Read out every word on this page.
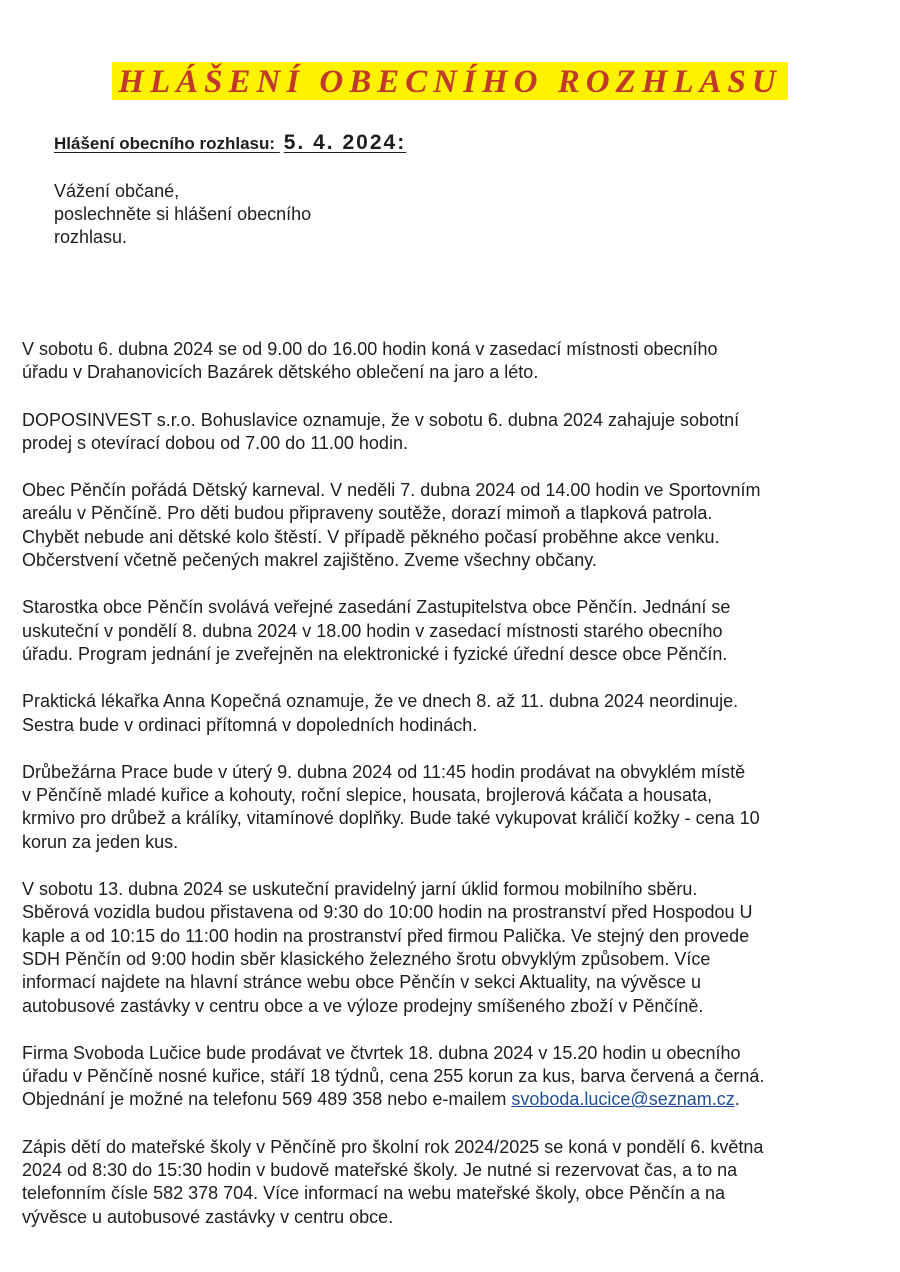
HLÁŠENÍ OBECNÍHO ROZHLASU
Hlášení obecního rozhlasu: 5. 4. 2024:
Vážení občané,
poslechněte si hlášení obecního
rozhlasu.

V sobotu 6. dubna 2024 se od 9.00 do 16.00 hodin koná v zasedací místnosti obecního
úřadu v Drahanovicích Bazárek dětského oblečení na jaro a léto.

DOPOSINVEST s.r.o. Bohuslavice oznamuje, že v sobotu 6. dubna 2024 zahajuje sobotní
prodej s otevírací dobou od 7.00 do 11.00 hodin.

Obec Pěnčín pořádá Dětský karneval. V neděli 7. dubna 2024 od 14.00 hodin ve Sportovním
areálu v Pěnčíně. Pro děti budou připraveny soutěže, dorazí mimoň a tlapková patrola.
Chybět nebude ani dětské kolo štěstí. V případě pěkného počasí proběhne akce venku.
Občerstvení včetně pečených makrel zajištěno. Zveme všechny občany.

Starostka obce Pěnčín svolává veřejné zasedání Zastupitelstva obce Pěnčín. Jednání se
uskuteční v pondělí 8. dubna 2024 v 18.00 hodin v zasedací místnosti starého obecního
úřadu. Program jednání je zveřejněn na elektronické i fyzické úřední desce obce Pěnčín.

Praktická lékařka Anna Kopečná oznamuje, že ve dnech 8. až 11. dubna 2024 neordinuje.
Sestra bude v ordinaci přítomná v dopoledních hodinách.

Drůbežárna Prace bude v úterý 9. dubna 2024 od 11:45 hodin prodávat na obvyklém místě
v Pěnčíně mladé kuřice a kohouty, roční slepice, housata, brojlerová káčata a housata,
krmivo pro drůbež a králíky, vitamínové doplňky. Bude také vykupovat králičí kožky - cena 10
korun za jeden kus.

V sobotu 13. dubna 2024 se uskuteční pravidelný jarní úklid formou mobilního sběru.
Sběrová vozidla budou přistavena od 9:30 do 10:00 hodin na prostranství před Hospodou U
kaple a od 10:15 do 11:00 hodin na prostranství před firmou Palička. Ve stejný den provede
SDH Pěnčín od 9:00 hodin sběr klasického železného šrotu obvyklým způsobem. Více
informací najdete na hlavní stránce webu obce Pěnčín v sekci Aktuality, na vývěsce u
autobusové zastávky v centru obce a ve výloze prodejny smíšeného zboží v Pěnčíně.

Firma Svoboda Lučice bude prodávat ve čtvrtek 18. dubna 2024 v 15.20 hodin u obecního
úřadu v Pěnčíně nosné kuřice, stáří 18 týdnů, cena 255 korun za kus, barva červená a černá.
Objednání je možné na telefonu 569 489 358 nebo e-mailem svoboda.lucice@seznam.cz.

Zápis dětí do mateřské školy v Pěnčíně pro školní rok 2024/2025 se koná v pondělí 6. května
2024 od 8:30 do 15:30 hodin v budově mateřské školy. Je nutné si rezervovat čas, a to na
telefonním čísle 582 378 704. Více informací na webu mateřské školy, obce Pěnčín a na
vývěsce u autobusové zastávky v centru obce.
